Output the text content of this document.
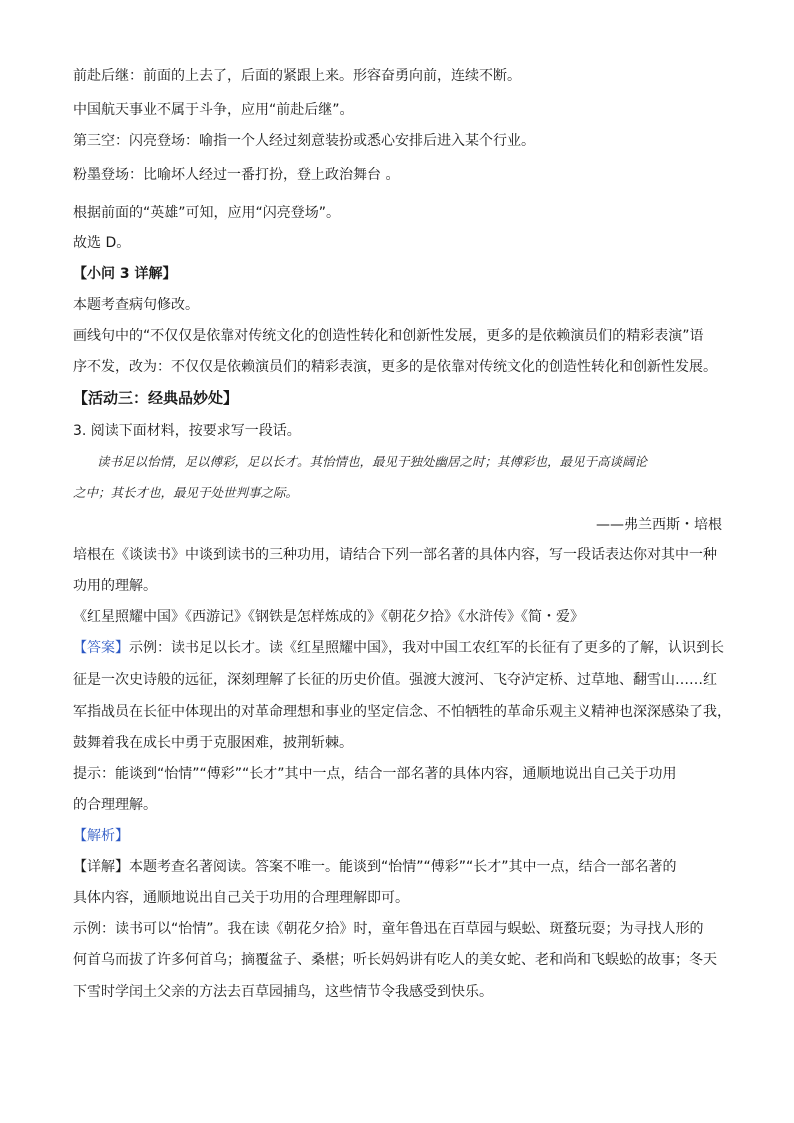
前赴后继：前面的上去了，后面的紧跟上来。形容奋勇向前，连续不断。
中国航天事业不属于斗争，应用“前赴后继”。
第三空：闪亮登场：喻指一个人经过刻意装扮或悉心安排后进入某个行业。
粉墨登场：比喻坏人经过一番打扮，登上政治舞台 。
根据前面的“英雄”可知，应用“闪亮登场”。
故选 D。
【小问 3 详解】
本题考查病句修改。
画线句中的“不仅仅是依靠对传统文化的创造性转化和创新性发展，更多的是依赖演员们的精彩表演”语
序不发，改为：不仅仅是依赖演员们的精彩表演，更多的是依靠对传统文化的创造性转化和创新性发展。
【活动三：经典品妙处】
3. 阅读下面材料，按要求写一段话。
读书足以怡情，足以傅彩，足以长才。其怡情也，最见于独处幽居之时；其傅彩也，最见于高谈阔论
之中；其长才也，最见于处世判事之际。
——弗兰西斯・培根
培根在《谈读书》中谈到读书的三种功用，请结合下列一部名著的具体内容，写一段话表达你对其中一种
功用的理解。
《红星照耀中国》《西游记》《钢铁是怎样炼成的》《朝花夕拾》《水浒传》《简・爱》
【答案】示例：读书足以长才。读《红星照耀中国》，我对中国工农红军的长征有了更多的了解，认识到长
征是一次史诗般的远征，深刻理解了长征的历史价值。强渡大渡河、飞夺泸定桥、过草地、翻雪山……红
军指战员在长征中体现出的对革命理想和事业的坚定信念、不怕牺牲的革命乐观主义精神也深深感染了我，
鼓舞着我在成长中勇于克服困难，披荆斩棘。
提示：能谈到“怡情”“傅彩”“长才”其中一点，结合一部名著的具体内容，通顺地说出自己关于功用
的合理理解。
【解析】
【详解】本题考查名著阅读。答案不唯一。能谈到“怡情”“傅彩”“长才”其中一点，结合一部名著的
具体内容，通顺地说出自己关于功用的合理理解即可。
示例：读书可以“怡情”。我在读《朝花夕拾》时，童年鲁迅在百草园与蜈蚣、斑蝥玩耍；为寻找人形的
何首乌而拔了许多何首乌；摘覆盆子、桑椹；听长妈妈讲有吃人的美女蛇、老和尚和飞蜈蚣的故事；冬天
下雪时学闰土父亲的方法去百草园捕鸟，这些情节令我感受到快乐。
